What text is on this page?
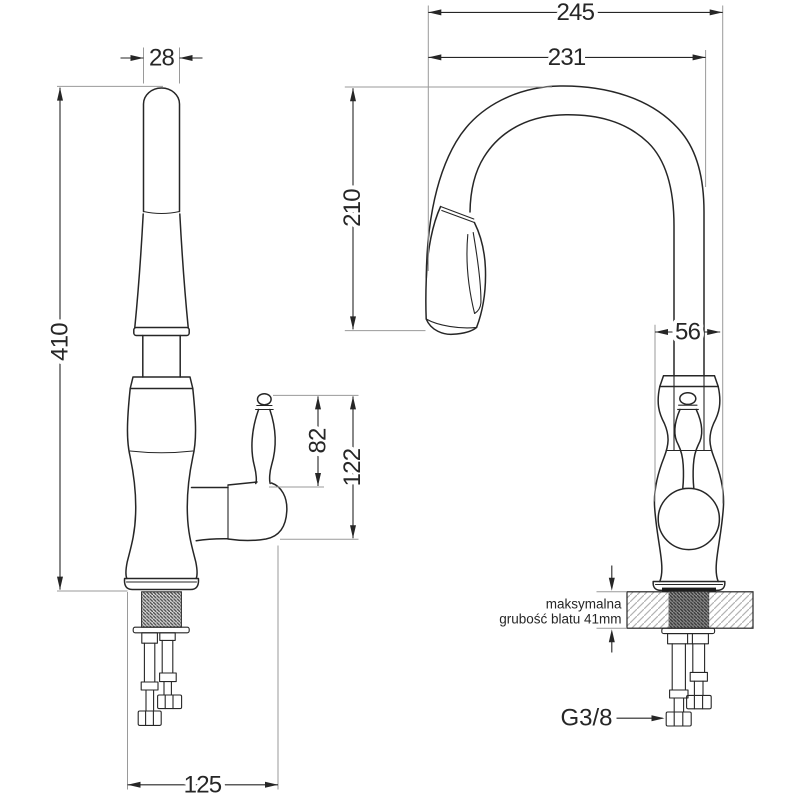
28
410
82
122
125
245
231
210
56
maksymalna
grubość blatu 41mm
G3/8
